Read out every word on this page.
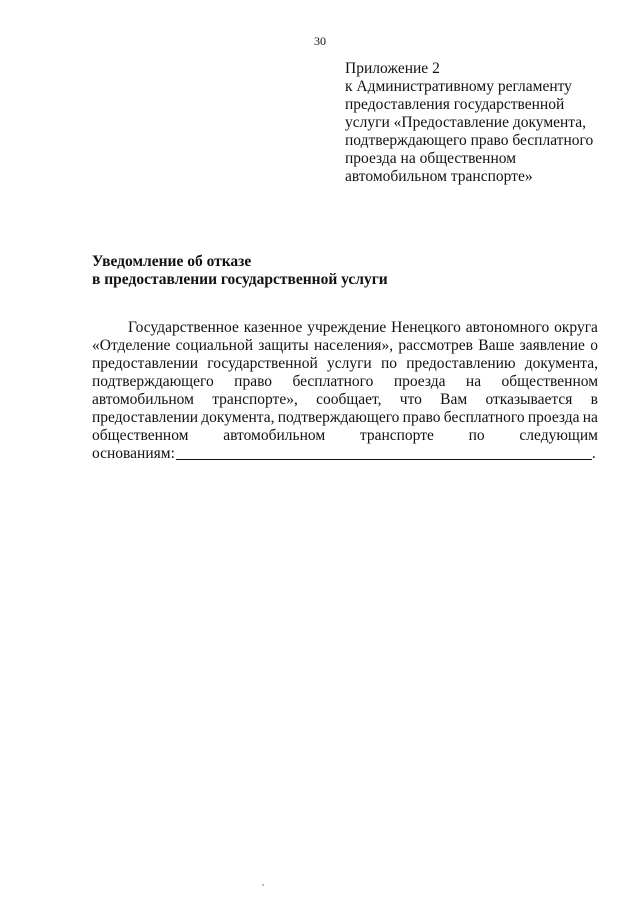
30
Приложение 2
к Административному регламенту
предоставления государственной
услуги «Предоставление документа,
подтверждающего право бесплатного
проезда на общественном
автомобильном транспорте»
Уведомление об отказе
в предоставлении государственной услуги
Государственное казенное учреждение Ненецкого автономного округа
«Отделение социальной защиты населения», рассмотрев Ваше заявление о
предоставлении государственной услуги по предоставлению документа,
подтверждающего право бесплатного проезда на общественном
автомобильном транспорте», сообщает, что Вам отказывается в
предоставлении документа, подтверждающего право бесплатного проезда на
общественном автомобильном транспорте по следующим
основаниям:	.
